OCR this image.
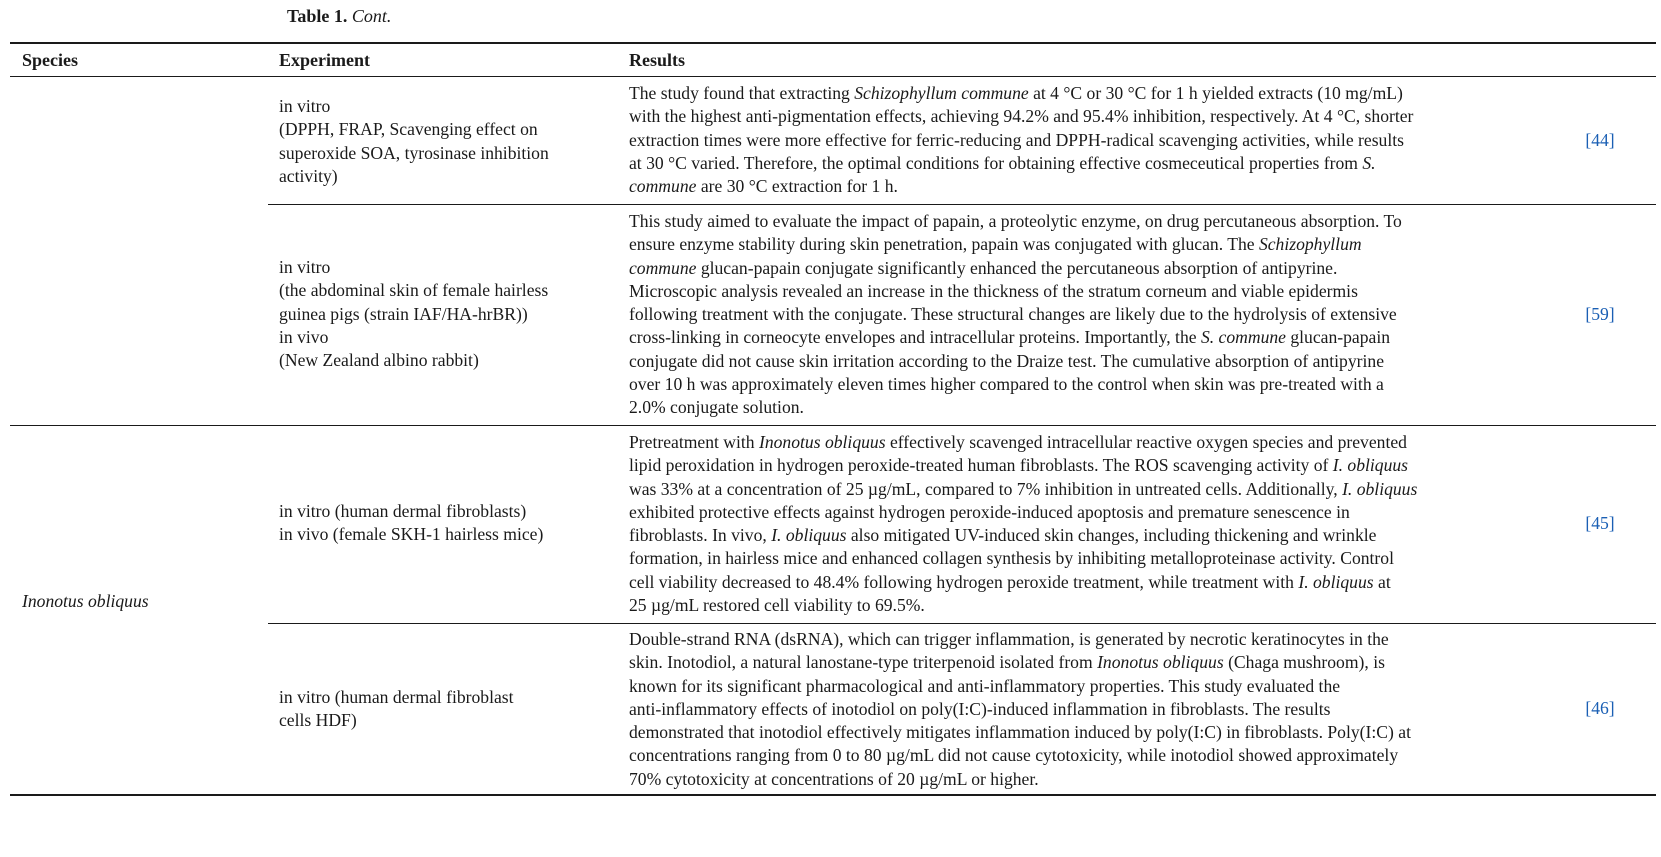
Table 1. Cont.
Species	Experiment	Results
in vitro
(DPPH, FRAP, Scavenging effect on
superoxide SOA, tyrosinase inhibition
activity)
The study found that extracting Schizophyllum commune at 4 °C or 30 °C for 1 h yielded extracts (10 mg/mL)
with the highest anti-pigmentation effects, achieving 94.2% and 95.4% inhibition, respectively. At 4 °C, shorter
extraction times were more effective for ferric-reducing and DPPH-radical scavenging activities, while results
at 30 °C varied. Therefore, the optimal conditions for obtaining effective cosmeceutical properties from S.
commune are 30 °C extraction for 1 h.
[44]
in vitro
(the abdominal skin of female hairless
guinea pigs (strain IAF/HA-hrBR))
in vivo
(New Zealand albino rabbit)
This study aimed to evaluate the impact of papain, a proteolytic enzyme, on drug percutaneous absorption. To
ensure enzyme stability during skin penetration, papain was conjugated with glucan. The Schizophyllum
commune glucan-papain conjugate significantly enhanced the percutaneous absorption of antipyrine.
Microscopic analysis revealed an increase in the thickness of the stratum corneum and viable epidermis
following treatment with the conjugate. These structural changes are likely due to the hydrolysis of extensive
cross-linking in corneocyte envelopes and intracellular proteins. Importantly, the S. commune glucan-papain
conjugate did not cause skin irritation according to the Draize test. The cumulative absorption of antipyrine
over 10 h was approximately eleven times higher compared to the control when skin was pre-treated with a
2.0% conjugate solution.
[59]
Inonotus obliquus
in vitro (human dermal fibroblasts)
in vivo (female SKH-1 hairless mice)
Pretreatment with Inonotus obliquus effectively scavenged intracellular reactive oxygen species and prevented
lipid peroxidation in hydrogen peroxide-treated human fibroblasts. The ROS scavenging activity of I. obliquus
was 33% at a concentration of 25 µg/mL, compared to 7% inhibition in untreated cells. Additionally, I. obliquus
exhibited protective effects against hydrogen peroxide-induced apoptosis and premature senescence in
fibroblasts. In vivo, I. obliquus also mitigated UV-induced skin changes, including thickening and wrinkle
formation, in hairless mice and enhanced collagen synthesis by inhibiting metalloproteinase activity. Control
cell viability decreased to 48.4% following hydrogen peroxide treatment, while treatment with I. obliquus at
25 µg/mL restored cell viability to 69.5%.
[45]
in vitro (human dermal fibroblast
cells HDF)
Double-strand RNA (dsRNA), which can trigger inflammation, is generated by necrotic keratinocytes in the
skin. Inotodiol, a natural lanostane-type triterpenoid isolated from Inonotus obliquus (Chaga mushroom), is
known for its significant pharmacological and anti-inflammatory properties. This study evaluated the
anti-inflammatory effects of inotodiol on poly(I:C)-induced inflammation in fibroblasts. The results
demonstrated that inotodiol effectively mitigates inflammation induced by poly(I:C) in fibroblasts. Poly(I:C) at
concentrations ranging from 0 to 80 µg/mL did not cause cytotoxicity, while inotodiol showed approximately
70% cytotoxicity at concentrations of 20 µg/mL or higher.
[46]
